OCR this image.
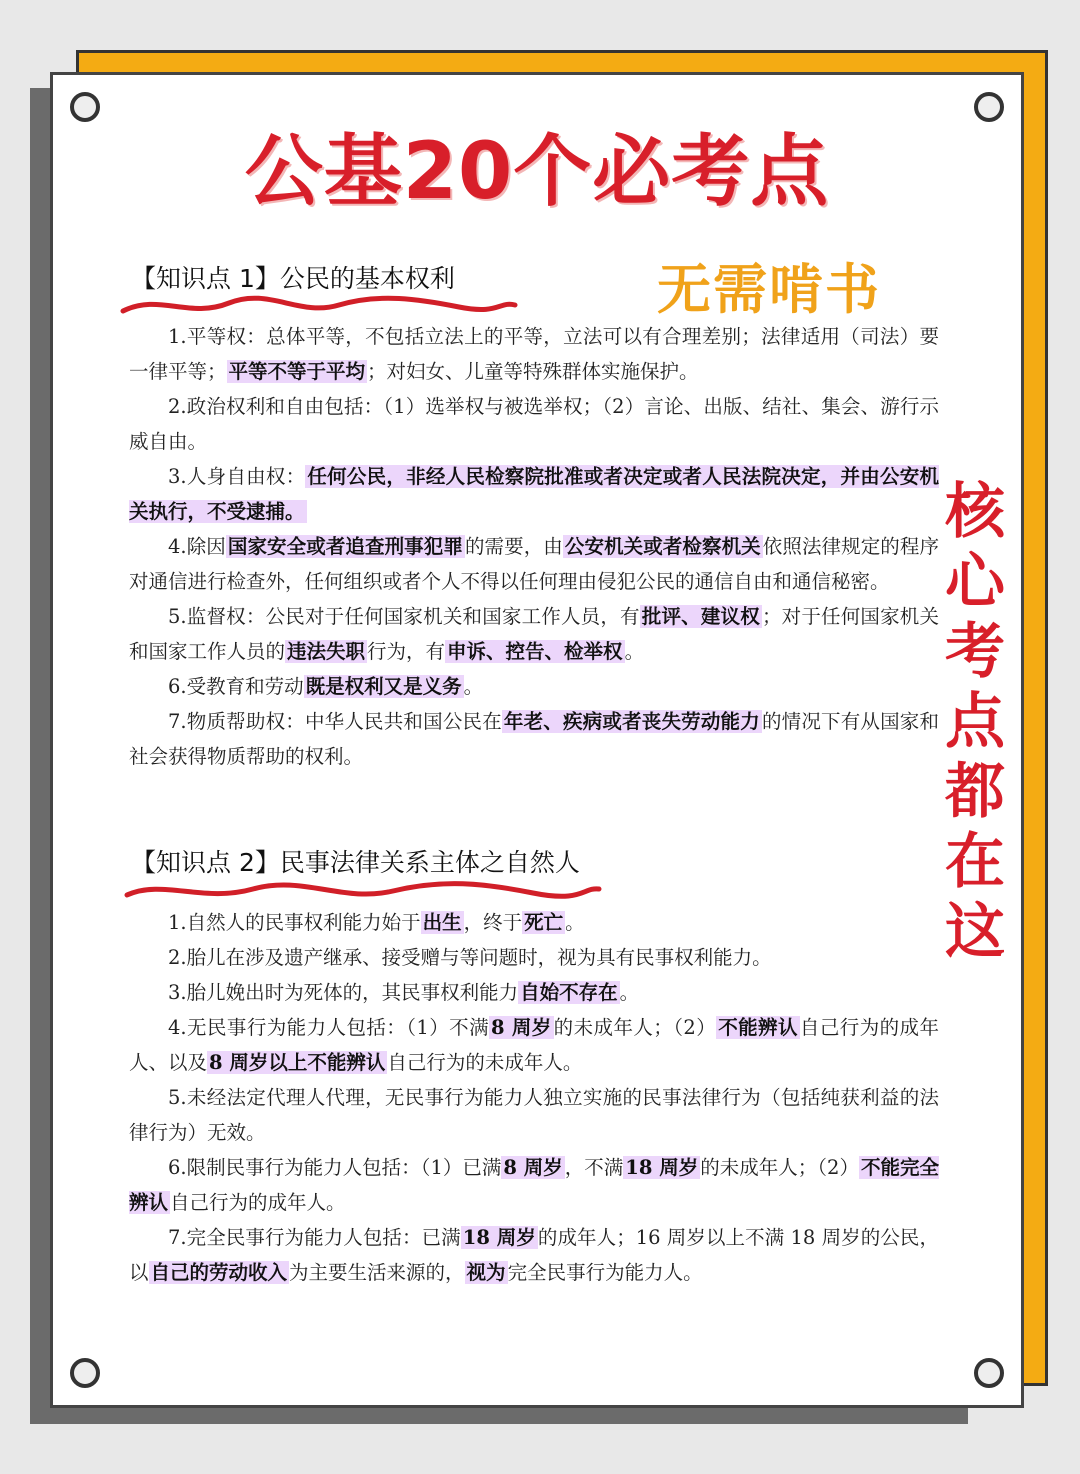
公基20个必考点
无需啃书
核
心
考
点
都
在
这
【知识点 1】公民的基本权利

1.平等权：总体平等，不包括立法上的平等，立法可以有合理差别；法律适用（司法）要一律平等； 平等不等于平均 ；对妇女、儿童等特殊群体实施保护。

2.政治权利和自由包括：（1）选举权与被选举权；（2）言论、出版、结社、集会、游行示威自由。

3.人身自由权： 任何公民，非经人民检察院批准或者决定或者人民法院决定，并由公安机关执行，不受逮捕。

4.除因 国家安全或者追查刑事犯罪 的需要，由 公安机关或者检察机关 依照法律规定的程序对通信进行检查外，任何组织或者个人不得以任何理由侵犯公民的通信自由和通信秘密。

5.监督权：公民对于任何国家机关和国家工作人员，有 批评、建议权 ；对于任何国家机关和国家工作人员的 违法失职 行为，有 申诉、控告、检举权 。

6.受教育和劳动 既是权利又是义务 。

7.物质帮助权：中华人民共和国公民在 年老、疾病或者丧失劳动能力 的情况下有从国家和社会获得物质帮助的权利。

【知识点 2】民事法律关系主体之自然人

1.自然人的民事权利能力始于 出生 ，终于 死亡 。

2.胎儿在涉及遗产继承、接受赠与等问题时，视为具有民事权利能力。

3.胎儿娩出时为死体的，其民事权利能力 自始不存在 。

4.无民事行为能力人包括：（1）不满 8 周岁 的未成年人；（2） 不能辨认 自己行为的成年人、以及 8 周岁以上不能辨认 自己行为的未成年人。

5.未经法定代理人代理，无民事行为能力人独立实施的民事法律行为（包括纯获利益的法律行为）无效。

6.限制民事行为能力人包括：（1）已满 8 周岁 ，不满 18 周岁 的未成年人；（2） 不能完全辨认 自己行为的成年人。

7.完全民事行为能力人包括：已满 18 周岁 的成年人；16 周岁以上不满 18 周岁的公民，以 自己的劳动收入 为主要生活来源的， 视为 完全民事行为能力人。
